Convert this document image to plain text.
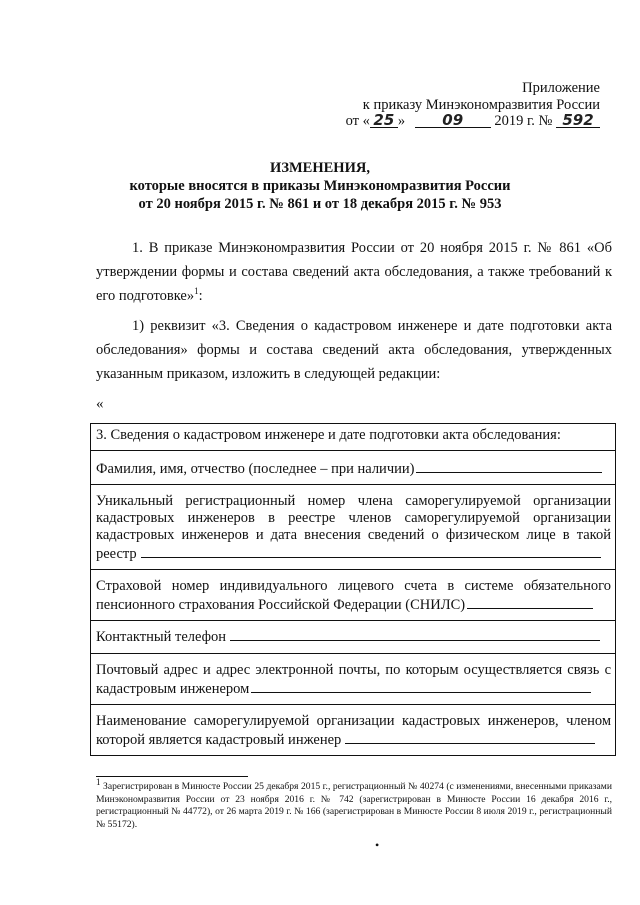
Приложение
к приказу Минэкономразвития России
от « 25 » 09 2019 г. № 592
ИЗМЕНЕНИЯ,
которые вносятся в приказы Минэкономразвития России
от 20 ноября 2015 г. № 861 и от 18 декабря 2015 г. № 953
1. В приказе Минэкономразвития России от 20 ноября 2015 г. № 861 «Об утверждении формы и состава сведений акта обследования, а также требований к его подготовке»$^1$:
1) реквизит «3. Сведения о кадастровом инженере и дате подготовки акта обследования» формы и состава сведений акта обследования, утвержденных указанным приказом, изложить в следующей редакции:
«
3. Сведения о кадастровом инженере и дате подготовки акта обследования:
Фамилия, имя, отчество (последнее – при наличии)
Уникальный регистрационный номер члена саморегулируемой организации кадастровых инженеров в реестре членов саморегулируемой организации кадастровых инженеров и дата внесения сведений о физическом лице в такой реестр
Страховой номер индивидуального лицевого счета в системе обязательного пенсионного страхования Российской Федерации (СНИЛС)
Контактный телефон
Почтовый адрес и адрес электронной почты, по которым осуществляется связь с кадастровым инженером
Наименование саморегулируемой организации кадастровых инженеров, членом которой является кадастровый инженер
$^1$ Зарегистрирован в Минюсте России 25 декабря 2015 г., регистрационный № 40274 (с изменениями, внесенными приказами Минэкономразвития России от 23 ноября 2016 г. № 742 (зарегистрирован в Минюсте России 16 декабря 2016 г., регистрационный № 44772), от 26 марта 2019 г. № 166 (зарегистрирован в Минюсте России 8 июля 2019 г., регистрационный № 55172).
•
